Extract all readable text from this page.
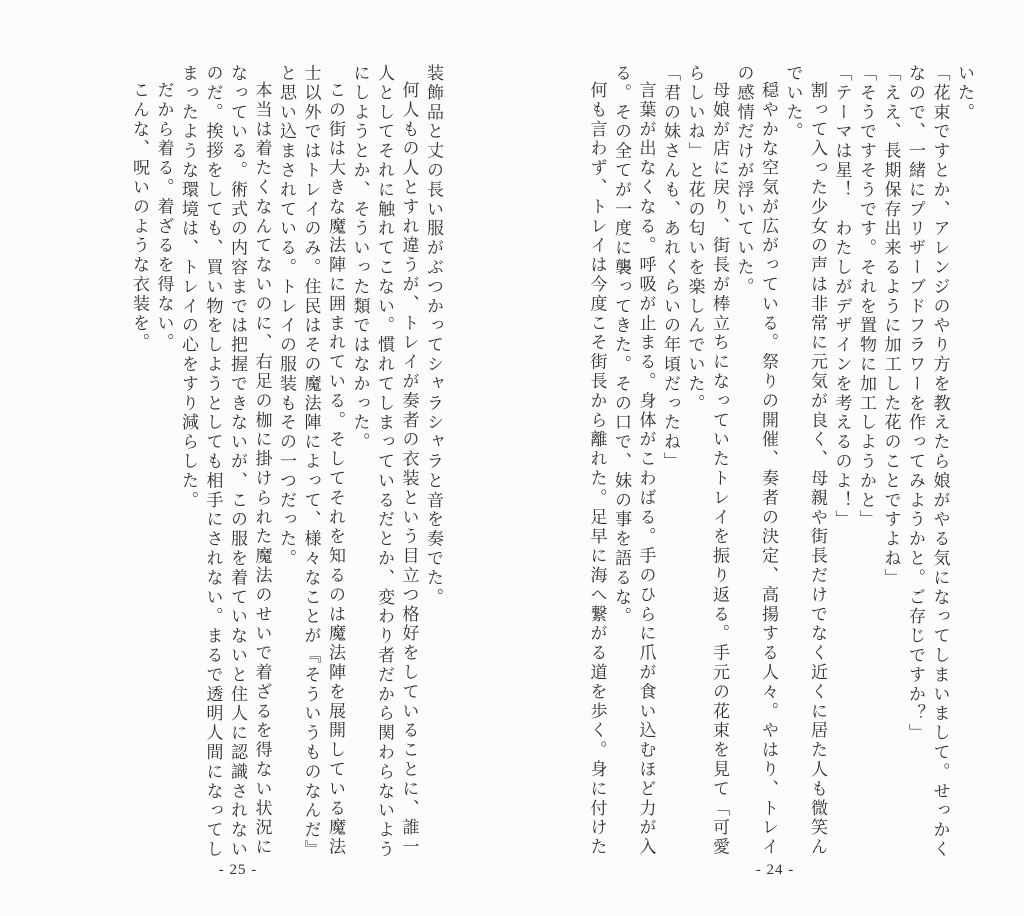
いた。

「花束ですとか、アレンジのやり方を教えたら娘がやる気になってしまいまして。せっかくなので、一緒にプリザーブドフラワーを作ってみようかと。ご存じですか？」

「ええ、長期保存出来るように加工した花のことですよね」

「そうですそうです。それを置物に加工しようかと」

「テーマは星！　わたしがデザインを考えるのよ！」

割って入った少女の声は非常に元気が良く、母親や街長だけでなく近くに居た人も微笑んでいた。

穏やかな空気が広がっている。祭りの開催、奏者の決定、高揚する人々。やはり、トレイの感情だけが浮いていた。

母娘が店に戻り、街長が棒立ちになっていたトレイを振り返る。手元の花束を見て「可愛らしいね」と花の匂いを楽しんでいた。

「君の妹さんも、あれくらいの年頃だったね」

言葉が出なくなる。呼吸が止まる。身体がこわばる。手のひらに爪が食い込むほど力が入る。その全てが一度に襲ってきた。その口で、妹の事を語るな。

何も言わず、トレイは今度こそ街長から離れた。足早に海へ繋がる道を歩く。身に付けた

- 24 -

装飾品と丈の長い服がぶつかってシャラシャラと音を奏でた。

何人もの人とすれ違うが、トレイが奏者の衣装という目立つ格好をしていることに、誰一人としてそれに触れてこない。慣れてしまっているだとか、変わり者だから関わらないようにしようとか、そういった類ではなかった。

この街は大きな魔法陣に囲まれている。そしてそれを知るのは魔法陣を展開している魔法士以外ではトレイのみ。住民はその魔法陣によって、様々なことが『そういうものなんだ』と思い込まされている。トレイの服装もその一つだった。

本当は着たくなんてないのに、右足の枷に掛けられた魔法のせいで着ざるを得ない状況になっている。術式の内容までは把握できないが、この服を着ていないと住人に認識されないのだ。挨拶をしても、買い物をしようとしても相手にされない。まるで透明人間になってしまったような環境は、トレイの心をすり減らした。

だから着る。着ざるを得ない。

こんな、呪いのような衣装を。

- 25 -
